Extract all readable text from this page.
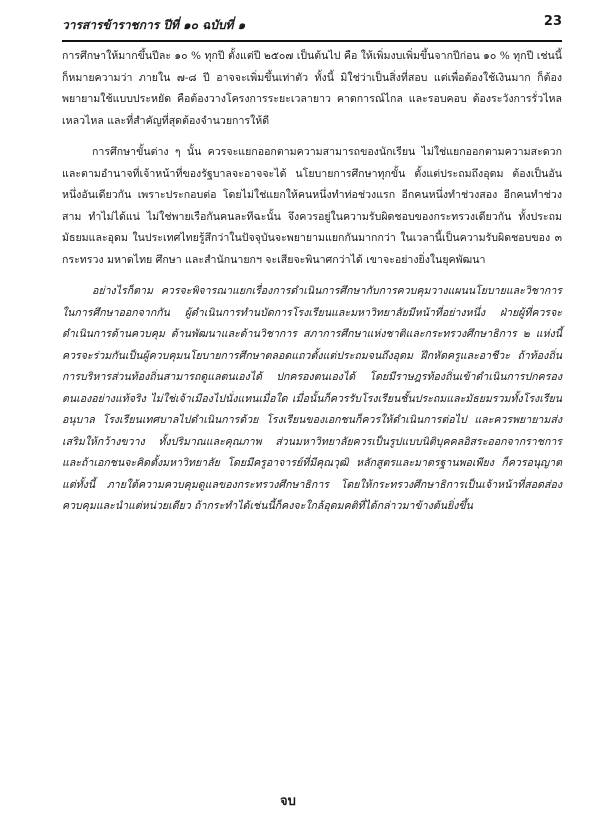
วารสารข้าราชการ ปีที่ ๑๐ ฉบับที่ ๑	23

การศึกษาให้มากขึ้นปีละ ๑๐ % ทุกปี ตั้งแต่ปี ๒๕๐๗ เป็นต้นไป คือ ให้เพิ่มงบเพิ่มขึ้นจากปีก่อน ๑๐ % ทุกปี เช่นนี้ก็หมายความว่า ภายใน ๗-๘ ปี อาจจะเพิ่มขึ้นเท่าตัว ทั้งนี้ มิใช่ว่าเป็นสิ่งที่สอบ แต่เพื่อต้องใช้เงินมาก ก็ต้องพยายามใช้แบบประหยัด คือต้องวางโครงการระยะเวลายาว คาดการณ์ไกล และรอบคอบ ต้องระวังการรั่วไหล เหลวไหล และที่สำคัญที่สุดต้องจำนวยการให้ดี

การศึกษาขั้นต่าง ๆ นั้น ควรจะแยกออกตามความสามารถของนักเรียน ไม่ใช่แยกออกตามความสะดวกและตามอำนาจที่เจ้าหน้าที่ของรัฐบาลจะอาจจะได้ นโยบายการศึกษาทุกขั้น ตั้งแต่ประถมถึงอุดม ต้องเป็นอันหนึ่งอันเดียวกัน เพราะประกอบต่อ โดยไม่ใช่แยกให้คนหนึ่งทำท่อช่วงแรก อีกคนหนึ่งทำช่วงสอง อีกคนทำช่วงสาม ทำไม่ได้แน่ ไม่ใช่พายเรือกันคนละทีฉะนั้น จึงควรอยู่ในความรับผิดชอบของกระทรวงเดียวกัน ทั้งประถม มัธยมและอุดม ในประเทศไทยรู้สึกว่าในปัจจุบันจะพยายามแยกกันมากกว่า ในเวลานี้เป็นความรับผิดชอบของ ๓ กระทรวง มหาดไทย ศึกษา และสำนักนายกฯ จะเสียจะพินาศกว่าได้ เขาจะอย่างยิ่งในยุคพัฒนา

อย่างไรก็ตาม ควรจะพิจารณาแยกเรื่องการดำเนินการศึกษากับการควบคุมวางแผนนโยบายและวิชาการในการศึกษาออกจากกัน ผู้ดำเนินการทำนบัดการโรงเรียนและมหาวิทยาลัยมีหน้าที่อย่างหนึ่ง ฝ่ายผู้ที่ควรจะดำเนินการด้านควบคุม ด้านพัฒนาและด้านวิชาการ สภาการศึกษาแห่งชาติและกระทรวงศึกษาธิการ ๒ แห่งนี้ ควรจะร่วมกันเป็นผู้ควบคุมนโยบายการศึกษาตลอดแถวตั้งแต่ประถมจนถึงอุดม ฝึกหัดครูและอาชีวะ ถ้าท้องถิ่นการบริหารส่วนท้องถิ่นสามารถดูแลตนเองได้ ปกครองตนเองได้ โดยมีราษฎรท้องถิ่นเข้าดำเนินการปกครองตนเองอย่างแท้จริง ไม่ใช่เจ้าเมืองไปนั่งแทนเมื่อใด เมื่อนั้นก็ควรรับโรงเรียนชั้นประถมและมัธยมรวมทั้งโรงเรียนอนุบาล โรงเรียนเทศบาลไปดำเนินการด้วย โรงเรียนของเอกชนก็ควรให้ดำเนินการต่อไป และควรพยายามส่งเสริมให้กว้างขวาง ทั้งปริมาณและคุณภาพ ส่วนมหาวิทยาลัยควรเป็นรูปแบบนิติบุคคลอิสระออกจากราชการ และถ้าเอกชนจะคิดตั้งมหาวิทยาลัย โดยมีครูอาจารย์ที่มีคุณวุฒิ หลักสูตรและมาตรฐานพอเพียง ก็ควรอนุญาต แต่ทั้งนี้ ภายใต้ความควบคุมดูแลของกระทรวงศึกษาธิการ โดยให้กระทรวงศึกษาธิการเป็นเจ้าหน้าที่สอดส่องควบคุมและนำแต่หน่วยเดียว ถ้ากระทำได้เช่นนี้ก็คงจะใกล้อุดมคติที่ได้กล่าวมาข้างต้นยิ่งขึ้น

จบ
